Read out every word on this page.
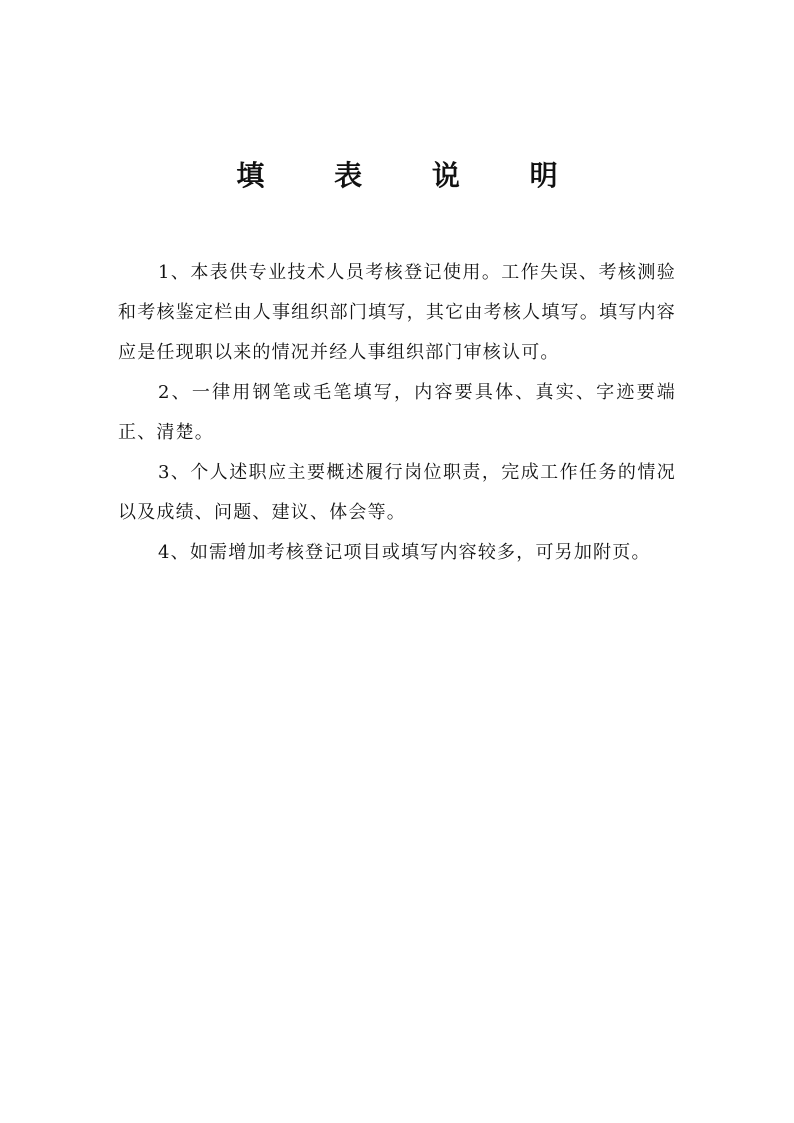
填 表 说 明

1、本表供专业技术人员考核登记使用。工作失误、考核测验和考核鉴定栏由人事组织部门填写，其它由考核人填写。填写内容应是任现职以来的情况并经人事组织部门审核认可。

2、一律用钢笔或毛笔填写，内容要具体、真实、字迹要端正、清楚。

3、个人述职应主要概述履行岗位职责，完成工作任务的情况以及成绩、问题、建议、体会等。

4、如需增加考核登记项目或填写内容较多，可另加附页。
